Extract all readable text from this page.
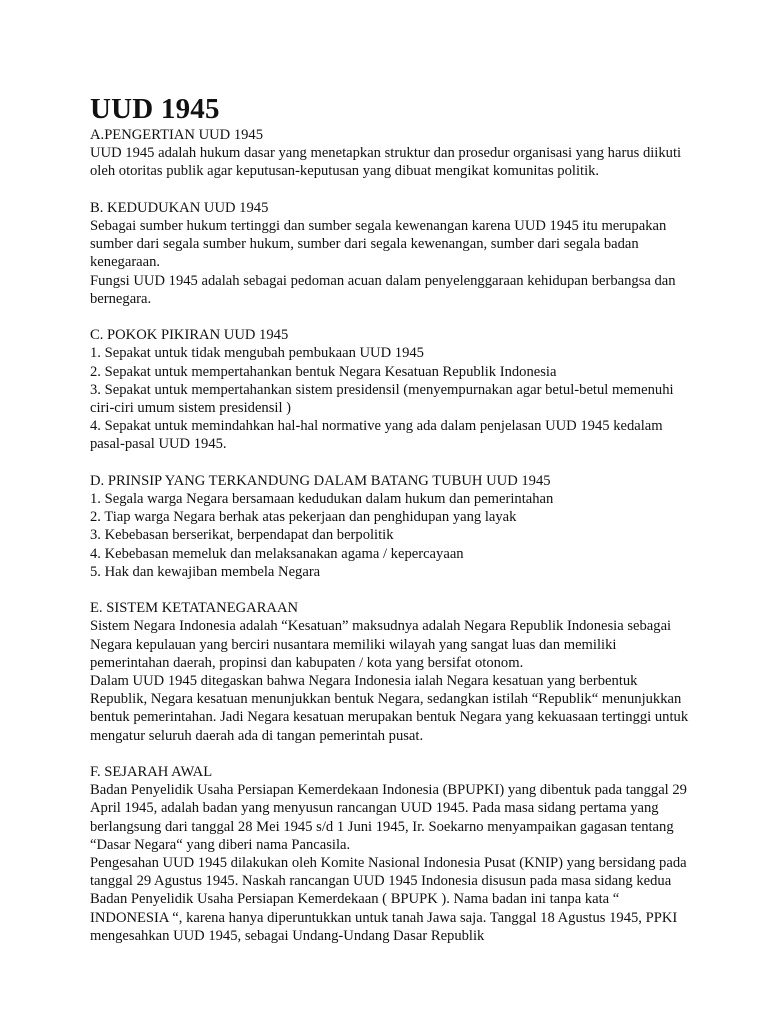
UUD 1945
A.PENGERTIAN UUD 1945
UUD 1945 adalah hukum dasar yang menetapkan struktur dan prosedur organisasi yang harus diikuti oleh otoritas publik agar keputusan-keputusan yang dibuat mengikat komunitas politik.
B. KEDUDUKAN UUD 1945
Sebagai sumber hukum tertinggi dan sumber segala kewenangan karena UUD 1945 itu merupakan sumber dari segala sumber hukum, sumber dari segala kewenangan, sumber dari segala badan kenegaraan.
Fungsi UUD 1945 adalah sebagai pedoman acuan dalam penyelenggaraan kehidupan berbangsa dan bernegara.
C. POKOK PIKIRAN UUD 1945
1. Sepakat untuk tidak mengubah pembukaan UUD 1945
2. Sepakat untuk mempertahankan bentuk Negara Kesatuan Republik Indonesia
3. Sepakat untuk mempertahankan sistem presidensil (menyempurnakan agar betul-betul memenuhi ciri-ciri umum sistem presidensil )
4. Sepakat untuk memindahkan hal-hal normative yang ada dalam penjelasan UUD 1945 kedalam pasal-pasal UUD 1945.
D. PRINSIP YANG TERKANDUNG DALAM BATANG TUBUH UUD 1945
1. Segala warga Negara bersamaan kedudukan dalam hukum dan pemerintahan
2. Tiap warga Negara berhak atas pekerjaan dan penghidupan yang layak
3. Kebebasan berserikat, berpendapat dan berpolitik
4. Kebebasan memeluk dan melaksanakan agama / kepercayaan
5. Hak dan kewajiban membela Negara
E. SISTEM KETATANEGARAAN
Sistem Negara Indonesia adalah “Kesatuan” maksudnya adalah Negara Republik Indonesia sebagai Negara kepulauan yang berciri nusantara memiliki wilayah yang sangat luas dan memiliki pemerintahan daerah, propinsi dan kabupaten / kota yang bersifat otonom.
Dalam UUD 1945 ditegaskan bahwa Negara Indonesia ialah Negara kesatuan yang berbentuk Republik, Negara kesatuan menunjukkan bentuk Negara, sedangkan istilah “Republik“ menunjukkan bentuk pemerintahan. Jadi Negara kesatuan merupakan bentuk Negara yang kekuasaan tertinggi untuk mengatur seluruh daerah ada di tangan pemerintah pusat.
F. SEJARAH AWAL
Badan Penyelidik Usaha Persiapan Kemerdekaan Indonesia (BPUPKI) yang dibentuk pada tanggal 29 April 1945, adalah badan yang menyusun rancangan UUD 1945. Pada masa sidang pertama yang berlangsung dari tanggal 28 Mei 1945 s/d 1 Juni 1945, Ir. Soekarno menyampaikan gagasan tentang “Dasar Negara“ yang diberi nama Pancasila.
Pengesahan UUD 1945 dilakukan oleh Komite Nasional Indonesia Pusat (KNIP) yang bersidang pada tanggal 29 Agustus 1945. Naskah rancangan UUD 1945 Indonesia disusun pada masa sidang kedua Badan Penyelidik Usaha Persiapan Kemerdekaan ( BPUPK ). Nama badan ini tanpa kata “ INDONESIA “, karena hanya diperuntukkan untuk tanah Jawa saja. Tanggal 18 Agustus 1945, PPKI mengesahkan UUD 1945, sebagai Undang-Undang Dasar Republik
